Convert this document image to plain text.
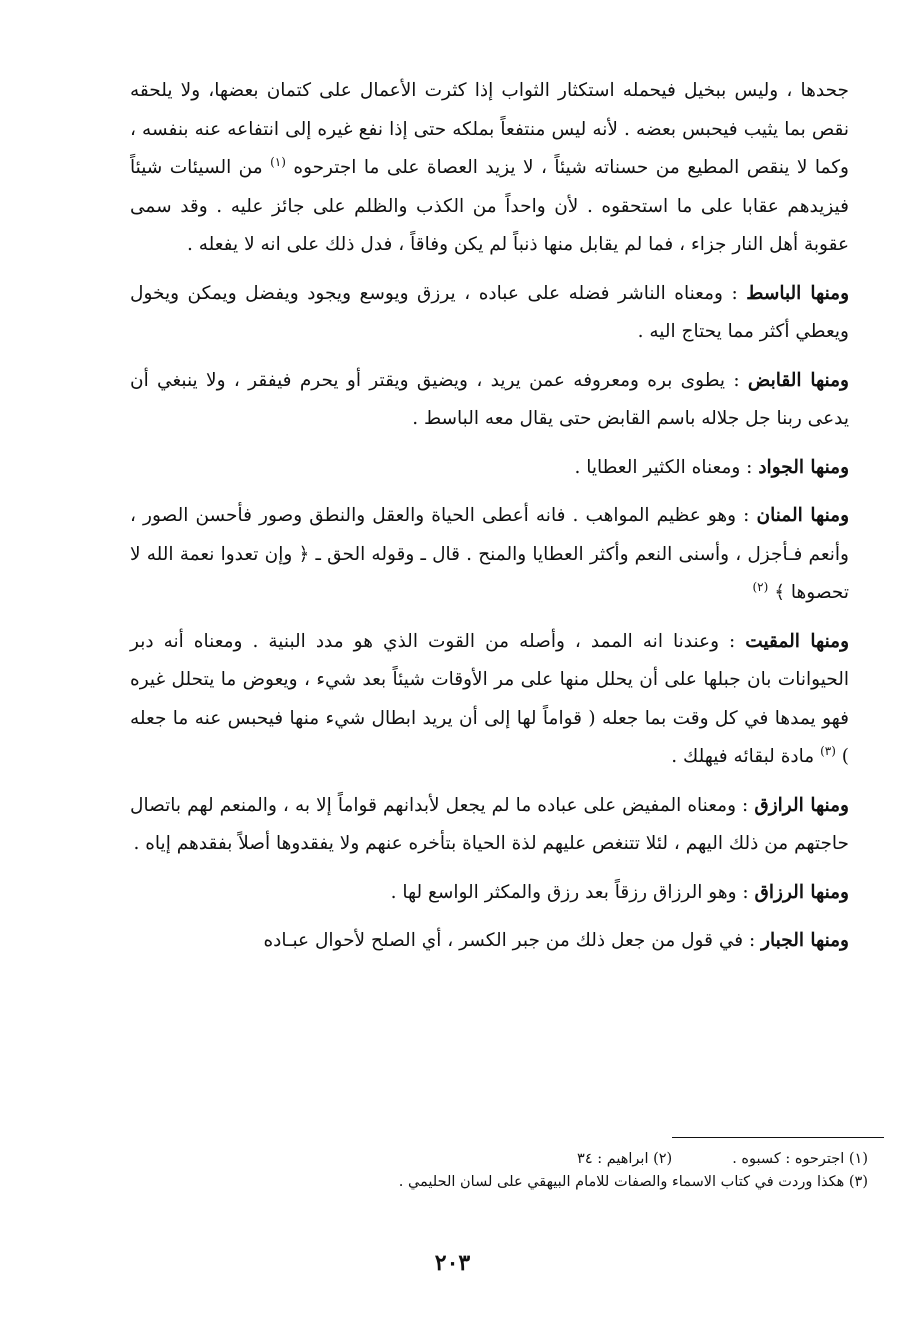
جحدها ، وليس ببخيل فيحمله استكثار الثواب إذا كثرت الأعمال على كتمان بعضها، ولا يلحقه نقص بما يثيب فيحبس بعضه . لأنه ليس منتفعاً بملكه حتى إذا نفع غيره إلى انتفاعه عنه بنفسه ، وكما لا ينقص المطيع من حسناته شيئاً ، لا يزيد العصاة على ما اجترحوه $^{(١)}$ من السيئات شيئاً فيزيدهم عقابا على ما استحقوه . لأن واحداً من الكذب والظلم على جائز عليه . وقد سمى عقوبة أهل النار جزاء ، فما لم يقابل منها ذنباً لم يكن وفاقاً ، فدل ذلك على انه لا يفعله .

ومنها الباسط : ومعناه الناشر فضله على عباده ، يرزق ويوسع ويجود ويفضل ويمكن ويخول ويعطي أكثر مما يحتاج اليه .

ومنها القابض : يطوى بره ومعروفه عمن يريد ، ويضيق ويقتر أو يحرم فيفقر ، ولا ينبغي أن يدعى ربنا جل جلاله باسم القابض حتى يقال معه الباسط .

ومنها الجواد : ومعناه الكثير العطايا .

ومنها المنان : وهو عظيم المواهب . فانه أعطى الحياة والعقل والنطق وصور فأحسن الصور ، وأنعم فـأجزل ، وأسنى النعم وأكثر العطايا والمنح . قال ـ وقوله الحق ـ ﴿ وإن تعدوا نعمة الله لا تحصوها ﴾ $^{(٢)}$

ومنها المقيت : وعندنا انه الممد ، وأصله من القوت الذي هو مدد البنية . ومعناه أنه دبر الحيوانات بان جبلها على أن يحلل منها على مر الأوقات شيئاً بعد شيء ، ويعوض ما يتحلل غيره فهو يمدها في كل وقت بما جعله ( قواماً لها إلى أن يريد ابطال شيء منها فيحبس عنه ما جعله ) $^{(٣)}$ مادة لبقائه فيهلك .

ومنها الرازق : ومعناه المفيض على عباده ما لم يجعل لأبدانهم قواماً إلا به ، والمنعم لهم باتصال حاجتهم من ذلك اليهم ، لئلا تتنغص عليهم لذة الحياة بتأخره عنهم ولا يفقدوها أصلاً بفقدهم إياه .

ومنها الرزاق : وهو الرزاق رزقاً بعد رزق والمكثر الواسع لها .

ومنها الجبار : في قول من جعل ذلك من جبر الكسر ، أي الصلح لأحوال عبـاده

(١) اجترحوه : كسبوه .
(٢) ابراهيم : ٣٤
(٣) هكذا وردت في كتاب الاسماء والصفات للامام البيهقي على لسان الحليمي .
٢٠٣
